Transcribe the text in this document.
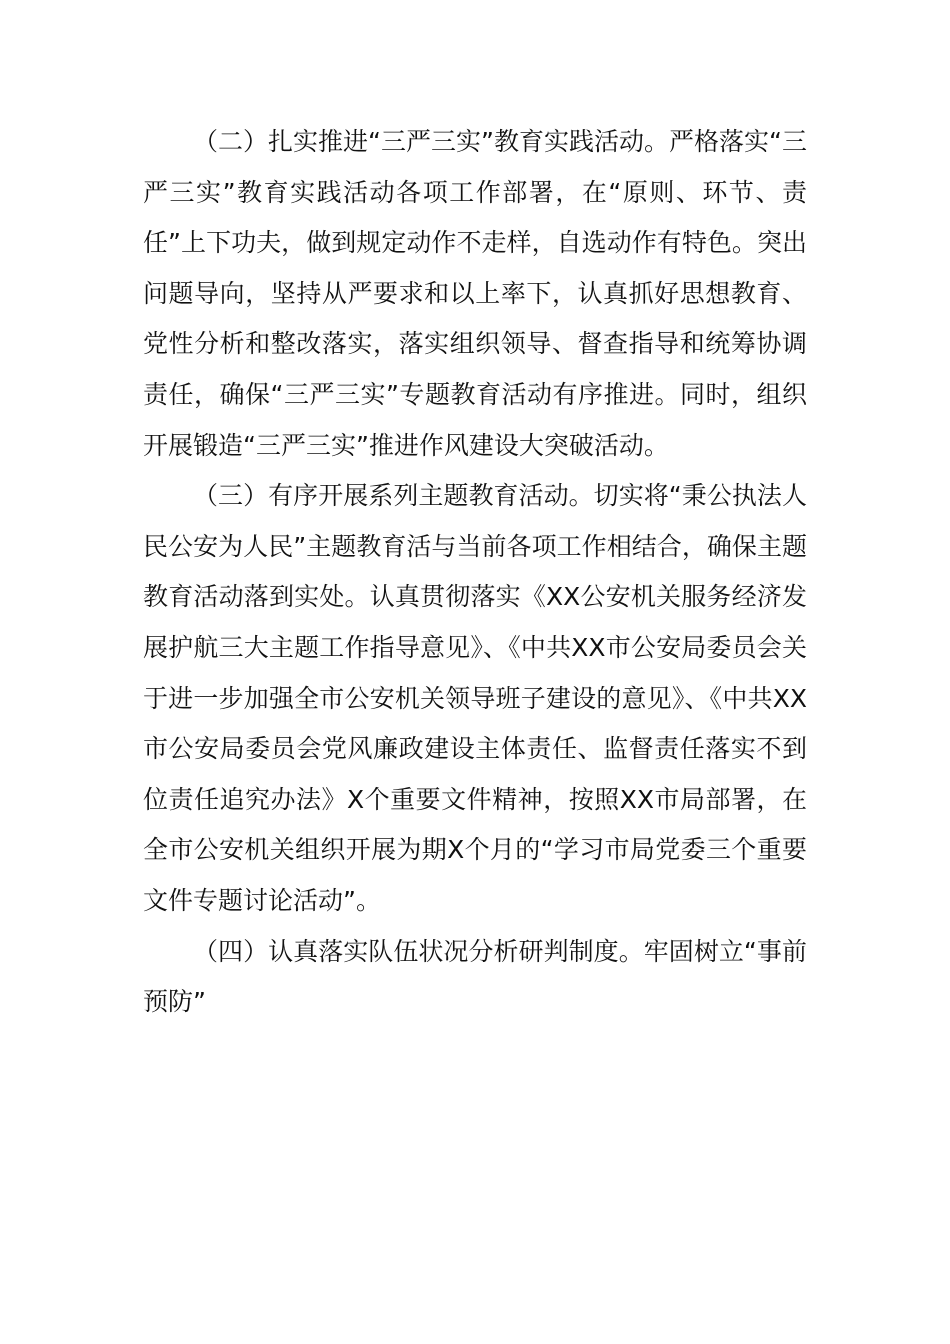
（二）扎实推进“三严三实”教育实践活动。严格落实“三严三实”教育实践活动各项工作部署，在“原则、环节、责任”上下功夫，做到规定动作不走样，自选动作有特色。突出问题导向，坚持从严要求和以上率下，认真抓好思想教育、党性分析和整改落实，落实组织领导、督查指导和统筹协调责任，确保“三严三实”专题教育活动有序推进。同时，组织开展锻造“三严三实”推进作风建设大突破活动。

（三）有序开展系列主题教育活动。切实将“秉公执法人民公安为人民”主题教育活与当前各项工作相结合，确保主题教育活动落到实处。认真贯彻落实《XX公安机关服务经济发展护航三大主题工作指导意见》、《中共XX市公安局委员会关于进一步加强全市公安机关领导班子建设的意见》、《中共XX市公安局委员会党风廉政建设主体责任、监督责任落实不到位责任追究办法》X个重要文件精神，按照XX市局部署，在全市公安机关组织开展为期X个月的“学习市局党委三个重要文件专题讨论活动”。

（四）认真落实队伍状况分析研判制度。牢固树立“事前预防”
